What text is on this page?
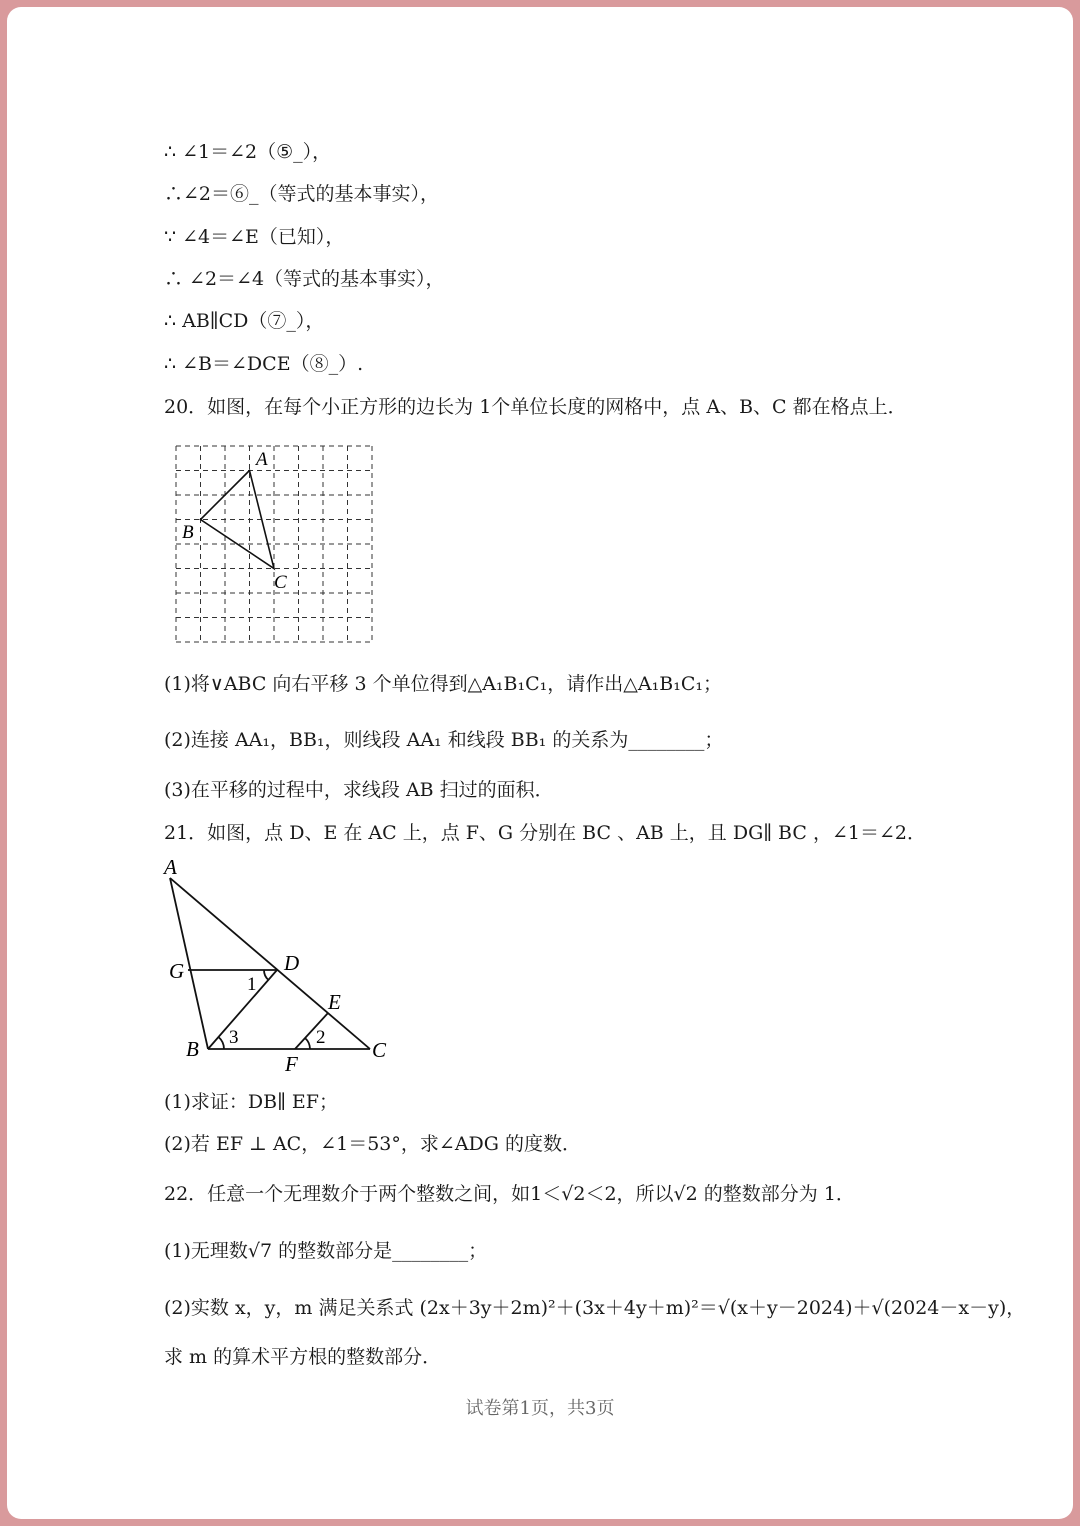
∴ ∠1＝∠2（⑤_），
∴∠2＝⑥_（等式的基本事实），
∵ ∠4＝∠E（已知），
∴ ∠2＝∠4（等式的基本事实），
∴ AB∥CD（⑦_），
∴ ∠B＝∠DCE（⑧_）.
20．如图，在每个小正方形的边长为 1个单位长度的网格中，点 A、B、C 都在格点上．
A
B
C
(1)将∨ABC 向右平移 3 个单位得到△A₁B₁C₁，请作出△A₁B₁C₁；
(2)连接 AA₁，BB₁，则线段 AA₁ 和线段 BB₁ 的关系为________；
(3)在平移的过程中，求线段 AB 扫过的面积．
21．如图，点 D、E 在 AC 上，点 F、G 分别在 BC 、AB 上，且 DG∥ BC ，∠1＝∠2．
A
G	D
E
B
F
C
1
2
3
(1)求证：DB∥ EF；
(2)若 EF ⊥ AC，∠1＝53°，求∠ADG 的度数．
22．任意一个无理数介于两个整数之间，如1＜√2＜2，所以√2 的整数部分为 1．
(1)无理数√7 的整数部分是________；
(2)实数 x，y，m 满足关系式 (2x＋3y＋2m)²＋(3x＋4y＋m)²＝√(x＋y－2024)＋√(2024－x－y)，
求 m 的算术平方根的整数部分．
试卷第1页，共3页
